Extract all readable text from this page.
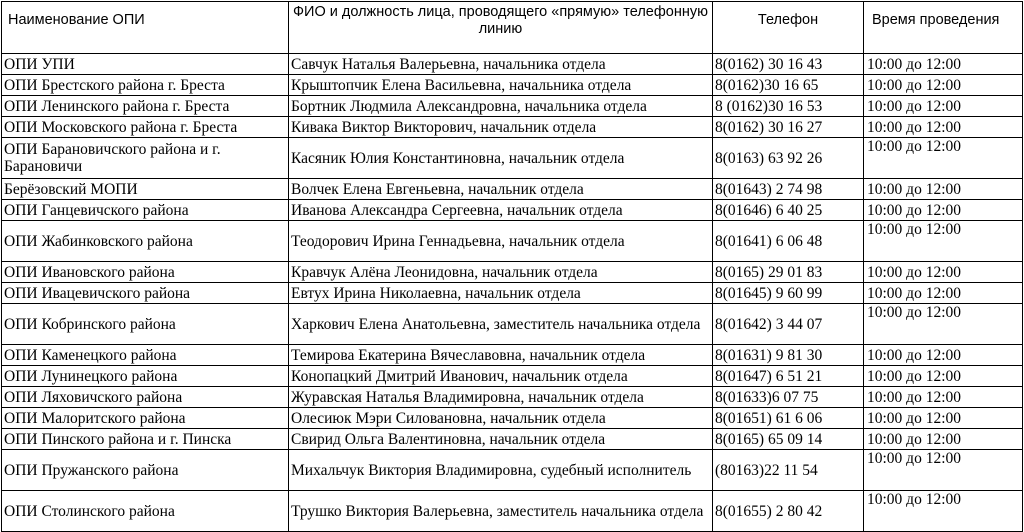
Наименование ОПИ	ФИО и должность лица, проводящего «прямую» телефонную линию	Телефон	Время проведения
ОПИ УПИ	Савчук Наталья Валерьевна, начальника отдела	8(0162) 30 16 43	10:00 до 12:00
ОПИ Брестского района г. Бреста	Крыштопчик Елена Васильевна, начальника отдела	8(0162)30 16 65	10:00 до 12:00
ОПИ Ленинского района г. Бреста	Бортник Людмила Александровна, начальника отдела	8 (0162)30 16 53	10:00 до 12:00
ОПИ Московского района г. Бреста	Кивака Виктор Викторович, начальник отдела	8(0162) 30 16 27	10:00 до 12:00
ОПИ Барановичского района и г. Барановичи	Касяник Юлия Константиновна, начальник отдела	8(0163) 63 92 26	10:00 до 12:00
Берёзовский МОПИ	Волчек Елена Евгеньевна, начальник отдела	8(01643) 2 74 98	10:00 до 12:00
ОПИ Ганцевичского района	Иванова Александра Сергеевна, начальник отдела	8(01646) 6 40 25	10:00 до 12:00
ОПИ Жабинковского района	Теодорович Ирина Геннадьевна, начальник отдела	8(01641) 6 06 48	10:00 до 12:00
ОПИ Ивановского района	Кравчук Алёна Леонидовна, начальник отдела	8(0165) 29 01 83	10:00 до 12:00
ОПИ Ивацевичского района	Евтух Ирина Николаевна, начальник отдела	8(01645) 9 60 99	10:00 до 12:00
ОПИ Кобринского района	Харкович Елена Анатольевна, заместитель начальника отдела	8(01642) 3 44 07	10:00 до 12:00
ОПИ Каменецкого района	Темирова Екатерина Вячеславовна, начальник отдела	8(01631) 9 81 30	10:00 до 12:00
ОПИ Лунинецкого района	Конопацкий Дмитрий Иванович, начальник отдела	8(01647) 6 51 21	10:00 до 12:00
ОПИ Ляховичского района	Журавская Наталья Владимировна, начальник отдела	8(01633)6 07 75	10:00 до 12:00
ОПИ Малоритского района	Олесиюк Мэри Силовановна, начальник отдела	8(01651) 61 6 06	10:00 до 12:00
ОПИ Пинского района и г. Пинска	Свирид Ольга Валентиновна, начальник отдела	8(0165) 65 09 14	10:00 до 12:00
ОПИ Пружанского района	Михальчук Виктория Владимировна, судебный исполнитель	(80163)22 11 54	10:00 до 12:00
ОПИ Столинского района	Трушко Виктория Валерьевна, заместитель начальника отдела	8(01655) 2 80 42	10:00 до 12:00
